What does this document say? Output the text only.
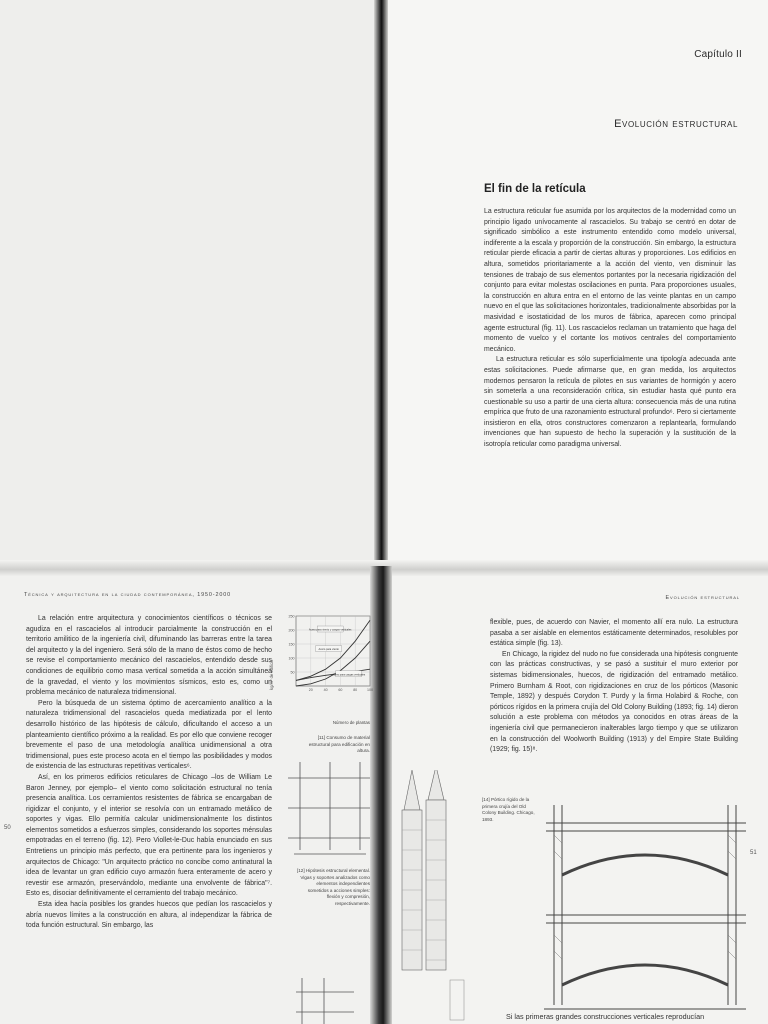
Capítulo II
Evolución estructural
El fin de la retícula

La estructura reticular fue asumida por los arquitectos de la modernidad como un principio ligado unívocamente al rascacielos. Su trabajo se centró en dotar de significado simbólico a este instrumento entendido como modelo universal, indiferente a la escala y proporción de la construcción. Sin embargo, la estructura reticular pierde eficacia a partir de ciertas alturas y proporciones. Los edificios en altura, sometidos prioritariamente a la acción del viento, ven disminuir las tensiones de trabajo de sus elementos portantes por la necesaria rigidización del conjunto para evitar molestas oscilaciones en punta. Para proporciones usuales, la construcción en altura entra en el entorno de las veinte plantas en un campo nuevo en el que las solicitaciones horizontales, tradicionalmente absorbidas por la masividad e isostaticidad de los muros de fábrica, aparecen como principal agente estructural (fig. 11). Los rascacielos reclaman un tratamiento que haga del momento de vuelco y el cortante los motivos centrales del comportamiento mecánico.

La estructura reticular es sólo superficialmente una tipología adecuada ante estas solicitaciones. Puede afirmarse que, en gran medida, los arquitectos modernos pensaron la retícula de pilotes en sus variantes de hormigón y acero sin someterla a una reconsideración crítica, sin estudiar hasta qué punto era cuestionable su uso a partir de una cierta altura: consecuencia más de una rutina empírica que fruto de una razonamiento estructural profundo⁶. Pero si ciertamente insistieron en ella, otros constructores comenzaron a replantearla, formulando invenciones que han supuesto de hecho la superación y la sustitución de la isotropía reticular como paradigma universal.

Técnica y arquitectura en la ciudad contemporánea, 1950-2000
50

La relación entre arquitectura y conocimientos científicos o técnicos se agudiza en el rascacielos al introducir parcialmente la construcción en el territorio amilitico de la ingeniería civil, difuminando las barreras entre la tarea del arquitecto y la del ingeniero. Será sólo de la mano de éstos como de hecho se revise el comportamiento mecánico del rascacielos, entendido desde sus condiciones de equilibrio como masa vertical sometida a la acción simultánea de la gravedad, el viento y los movimientos sísmicos, esto es, como un problema mecánico de naturaleza tridimensional.

Pero la búsqueda de un sistema óptimo de acercamiento analítico a la naturaleza tridimensional del rascacielos queda mediatizada por el lento desarrollo histórico de las hipótesis de cálculo, dificultando el acceso a un planteamiento científico próximo a la realidad. Es por ello que conviene recoger brevemente el paso de una metodología analítica unidimensional a otra tridimensional, pues este proceso acota en el tiempo las posibilidades y modos de existencia de las estructuras repetitivas verticales⁶.

Así, en los primeros edificios reticulares de Chicago –los de William Le Baron Jenney, por ejemplo– el viento como solicitación estructural no tenía presencia analítica. Los cerramientos resistentes de fábrica se encargaban de rigidizar el conjunto, y el interior se resolvía con un entramado metálico de soportes y vigas. Ello permitía calcular unidimensionalmente los distintos elementos sometidos a esfuerzos simples, considerando los soportes ménsulas empotradas en el terreno (fig. 12). Pero Viollet-le-Duc había enunciado en sus Entretiens un principio más perfecto, que era pertinente para los ingenieros y arquitectos de Chicago: "Un arquitecto práctico no concibe como antinatural la idea de levantar un gran edificio cuyo armazón fuera enteramente de acero y revestir ese armazón, preservándolo, mediante una envolvente de fábrica"⁷. Esto es, disociar definitivamente el cerramiento del trabajo mecánico.

Esta idea hacía posibles los grandes huecos que pedían los rascacielos y abría nuevos límites a la construcción en altura, al independizar la fábrica de toda función estructural. Sin embargo, las

50
100
150
200
250
20	40	60	80	100
Acero para viento y cargas verticales
Acero para viento
Acero para cargas verticales
Número de plantas
kg/m² de edificio
[11] Consumo de material estructural para edificación en altura.
[12] Hipótesis estructural elemental. Vigas y soportes analizados como elementos independientes sometidos a acciones simples: flexión y compresión, respectivamente.
Evolución estructural
51

flexible, pues, de acuerdo con Navier, el momento allí era nulo. La estructura pasaba a ser aislable en elementos estáticamente determinados, resolubles por estática simple (fig. 13).

En Chicago, la rigidez del nudo no fue considerada una hipótesis congruente con las prácticas constructivas, y se pasó a sustituir el muro exterior por sistemas bidimensionales, huecos, de rigidización del entramado metálico. Primero Burnham & Root, con rigidizaciones en cruz de los pórticos (Masonic Temple, 1892) y después Corydon T. Purdy y la firma Holabird & Roche, con pórticos rígidos en la primera crujía del Old Colony Building (1893; fig. 14) dieron solución a este problema con métodos ya conocidos en otras áreas de la ingeniería civil que permanecieron inalterables largo tiempo y que se utilizaron en la construcción del Woolworth Building (1913) y del Empire State Building (1929; fig. 15)⁸.

[14] Pórtico rígido de la primera crujía del Old Colony Building. Chicago, 1893.
Si las primeras grandes construcciones verticales reproducían
